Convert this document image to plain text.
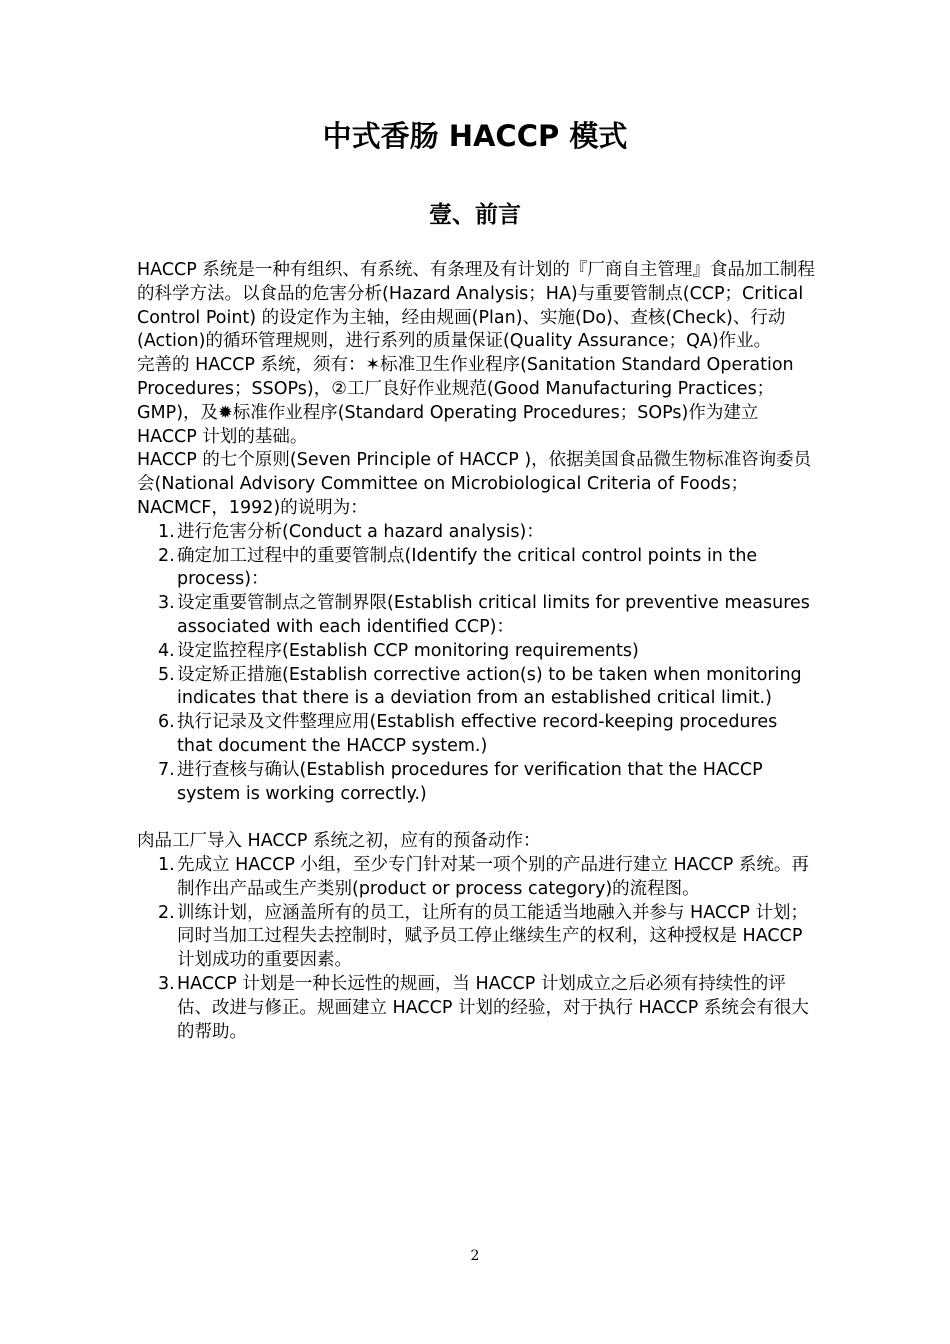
中式香肠 HACCP 模式
壹、前言

HACCP 系统是一种有组织、有系统、有条理及有计划的『厂商自主管理』食品加工制程的科学方法。以食品的危害分析(Hazard Analysis；HA)与重要管制点(CCP；Critical Control Point) 的设定作为主轴，经由规画(Plan)、实施(Do)、查核(Check)、行动(Action)的循环管理规则，进行系列的质量保证(Quality Assurance；QA)作业。

完善的 HACCP 系统，须有：✶标准卫生作业程序(Sanitation Standard Operation Procedures；SSOPs)，②工厂良好作业规范(Good Manufacturing Practices；GMP)，及✹标准作业程序(Standard Operating Procedures；SOPs)作为建立 HACCP 计划的基础。

HACCP 的七个原则(Seven Principle of HACCP )，依据美国食品微生物标准咨询委员会(National Advisory Committee on Microbiological Criteria of Foods；NACMCF，1992)的说明为：

1. 进行危害分析(Conduct a hazard analysis)：
2. 确定加工过程中的重要管制点(Identify the critical control points in the process)：
3. 设定重要管制点之管制界限(Establish critical limits for preventive measures associated with each identified CCP)：
4. 设定监控程序(Establish CCP monitoring requirements)
5. 设定矫正措施(Establish corrective action(s) to be taken when monitoring indicates that there is a deviation from an established critical limit.)
6. 执行记录及文件整理应用(Establish effective record-keeping procedures that document the HACCP system.)
7. 进行查核与确认(Establish procedures for verification that the HACCP system is working correctly.)

肉品工厂导入 HACCP 系统之初，应有的预备动作：

1. 先成立 HACCP 小组，至少专门针对某一项个别的产品进行建立 HACCP 系统。再制作出产品或生产类别(product or process category)的流程图。
2. 训练计划，应涵盖所有的员工，让所有的员工能适当地融入并参与 HACCP 计划；同时当加工过程失去控制时，赋予员工停止继续生产的权利，这种授权是 HACCP 计划成功的重要因素。
3. HACCP 计划是一种长远性的规画，当 HACCP 计划成立之后必须有持续性的评估、改进与修正。规画建立 HACCP 计划的经验，对于执行 HACCP 系统会有很大的帮助。
2
